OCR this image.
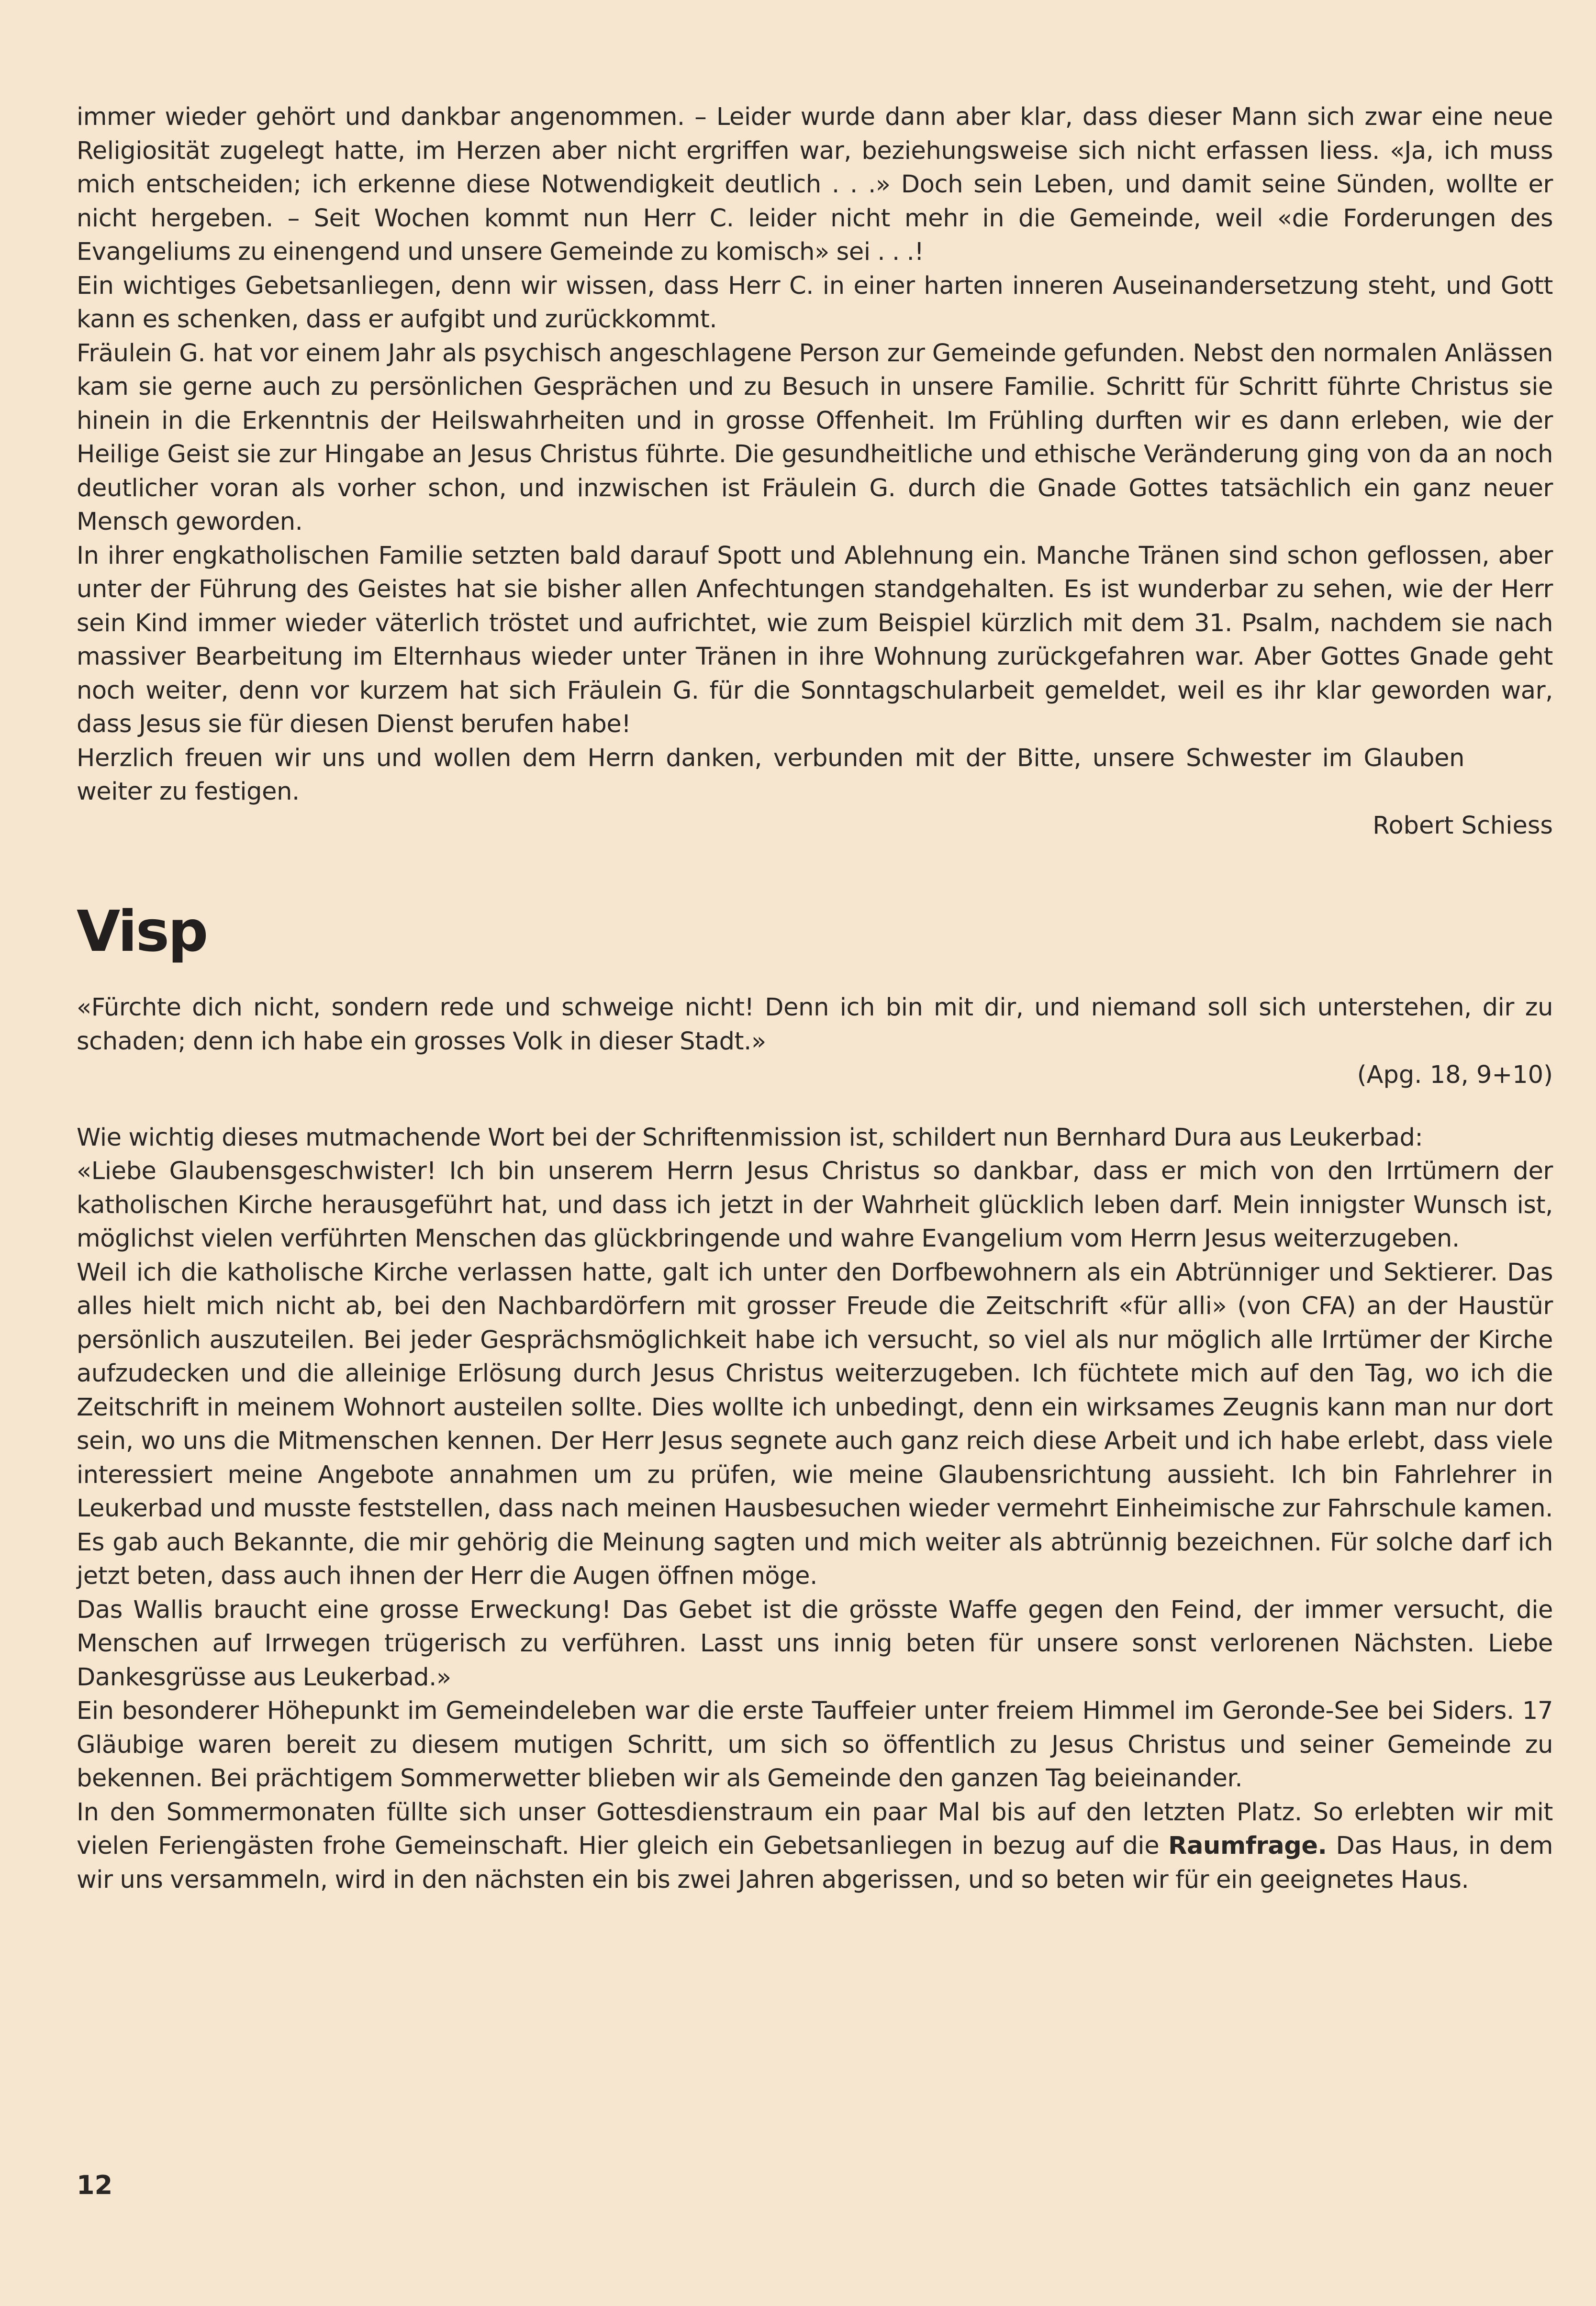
immer wieder gehört und dankbar angenommen. – Leider wurde dann aber klar, dass dieser Mann sich zwar eine neue Religiosität zugelegt hatte, im Herzen aber nicht ergriffen war, beziehungsweise sich nicht erfassen liess. «Ja, ich muss mich entscheiden; ich erkenne diese Notwendigkeit deutlich . . .» Doch sein Leben, und damit seine Sünden, wollte er nicht hergeben. – Seit Wochen kommt nun Herr C. leider nicht mehr in die Gemeinde, weil «die Forderungen des Evangeliums zu einengend und unsere Gemeinde zu komisch» sei . . .!

Ein wichtiges Gebetsanliegen, denn wir wissen, dass Herr C. in einer harten inneren Auseinandersetzung steht, und Gott kann es schenken, dass er aufgibt und zurückkommt.

Fräulein G. hat vor einem Jahr als psychisch angeschlagene Person zur Gemeinde gefunden. Nebst den normalen Anlässen kam sie gerne auch zu persönlichen Gesprächen und zu Besuch in unsere Familie. Schritt für Schritt führte Christus sie hinein in die Erkenntnis der Heilswahrheiten und in grosse Offenheit. Im Frühling durften wir es dann erleben, wie der Heilige Geist sie zur Hingabe an Jesus Christus führte. Die gesundheitliche und ethische Veränderung ging von da an noch deutlicher voran als vorher schon, und inzwischen ist Fräulein G. durch die Gnade Gottes tatsächlich ein ganz neuer Mensch geworden.

In ihrer engkatholischen Familie setzten bald darauf Spott und Ablehnung ein. Manche Tränen sind schon geflossen, aber unter der Führung des Geistes hat sie bisher allen Anfechtungen standgehalten. Es ist wunderbar zu sehen, wie der Herr sein Kind immer wieder väterlich tröstet und aufrichtet, wie zum Beispiel kürzlich mit dem 31. Psalm, nachdem sie nach massiver Bearbeitung im Elternhaus wieder unter Tränen in ihre Wohnung zurückgefahren war. Aber Gottes Gnade geht noch weiter, denn vor kurzem hat sich Fräulein G. für die Sonntagschularbeit gemeldet, weil es ihr klar geworden war, dass Jesus sie für diesen Dienst berufen habe!

Herzlich freuen wir uns und wollen dem Herrn danken, verbunden mit der Bitte, unsere Schwester im Glauben weiter zu festigen.

Robert Schiess

Visp

«Fürchte dich nicht, sondern rede und schweige nicht! Denn ich bin mit dir, und niemand soll sich unterstehen, dir zu schaden; denn ich habe ein grosses Volk in dieser Stadt.»

(Apg. 18, 9+10)

Wie wichtig dieses mutmachende Wort bei der Schriftenmission ist, schildert nun Bernhard Dura aus Leukerbad:

«Liebe Glaubensgeschwister! Ich bin unserem Herrn Jesus Christus so dankbar, dass er mich von den Irrtümern der katholischen Kirche herausgeführt hat, und dass ich jetzt in der Wahrheit glücklich leben darf. Mein innigster Wunsch ist, möglichst vielen verführten Menschen das glückbringende und wahre Evangelium vom Herrn Jesus weiterzugeben.

Weil ich die katholische Kirche verlassen hatte, galt ich unter den Dorfbewohnern als ein Abtrünniger und Sektierer. Das alles hielt mich nicht ab, bei den Nachbardörfern mit grosser Freude die Zeitschrift «für alli» (von CFA) an der Haustür persönlich auszuteilen. Bei jeder Gesprächsmöglichkeit habe ich versucht, so viel als nur möglich alle Irrtümer der Kirche aufzudecken und die alleinige Erlösung durch Jesus Christus weiterzugeben. Ich füchtete mich auf den Tag, wo ich die Zeitschrift in meinem Wohnort austeilen sollte. Dies wollte ich unbedingt, denn ein wirksames Zeugnis kann man nur dort sein, wo uns die Mitmenschen kennen. Der Herr Jesus segnete auch ganz reich diese Arbeit und ich habe erlebt, dass viele interessiert meine Angebote annahmen um zu prüfen, wie meine Glaubensrichtung aussieht. Ich bin Fahrlehrer in Leukerbad und musste feststellen, dass nach meinen Hausbesuchen wieder vermehrt Einheimische zur Fahrschule kamen. Es gab auch Bekannte, die mir gehörig die Meinung sagten und mich weiter als abtrünnig bezeichnen. Für solche darf ich jetzt beten, dass auch ihnen der Herr die Augen öffnen möge.

Das Wallis braucht eine grosse Erweckung! Das Gebet ist die grösste Waffe gegen den Feind, der immer versucht, die Menschen auf Irrwegen trügerisch zu verführen. Lasst uns innig beten für unsere sonst verlorenen Nächsten. Liebe Dankesgrüsse aus Leukerbad.»

Ein besonderer Höhepunkt im Gemeindeleben war die erste Tauffeier unter freiem Himmel im Geronde-See bei Siders. 17 Gläubige waren bereit zu diesem mutigen Schritt, um sich so öffentlich zu Jesus Christus und seiner Gemeinde zu bekennen. Bei prächtigem Sommerwetter blieben wir als Gemeinde den ganzen Tag beieinander.

In den Sommermonaten füllte sich unser Gottesdienstraum ein paar Mal bis auf den letzten Platz. So erlebten wir mit vielen Feriengästen frohe Gemeinschaft. Hier gleich ein Gebetsanliegen in bezug auf die Raumfrage. Das Haus, in dem wir uns versammeln, wird in den nächsten ein bis zwei Jahren abgerissen, und so beten wir für ein geeignetes Haus.

12
